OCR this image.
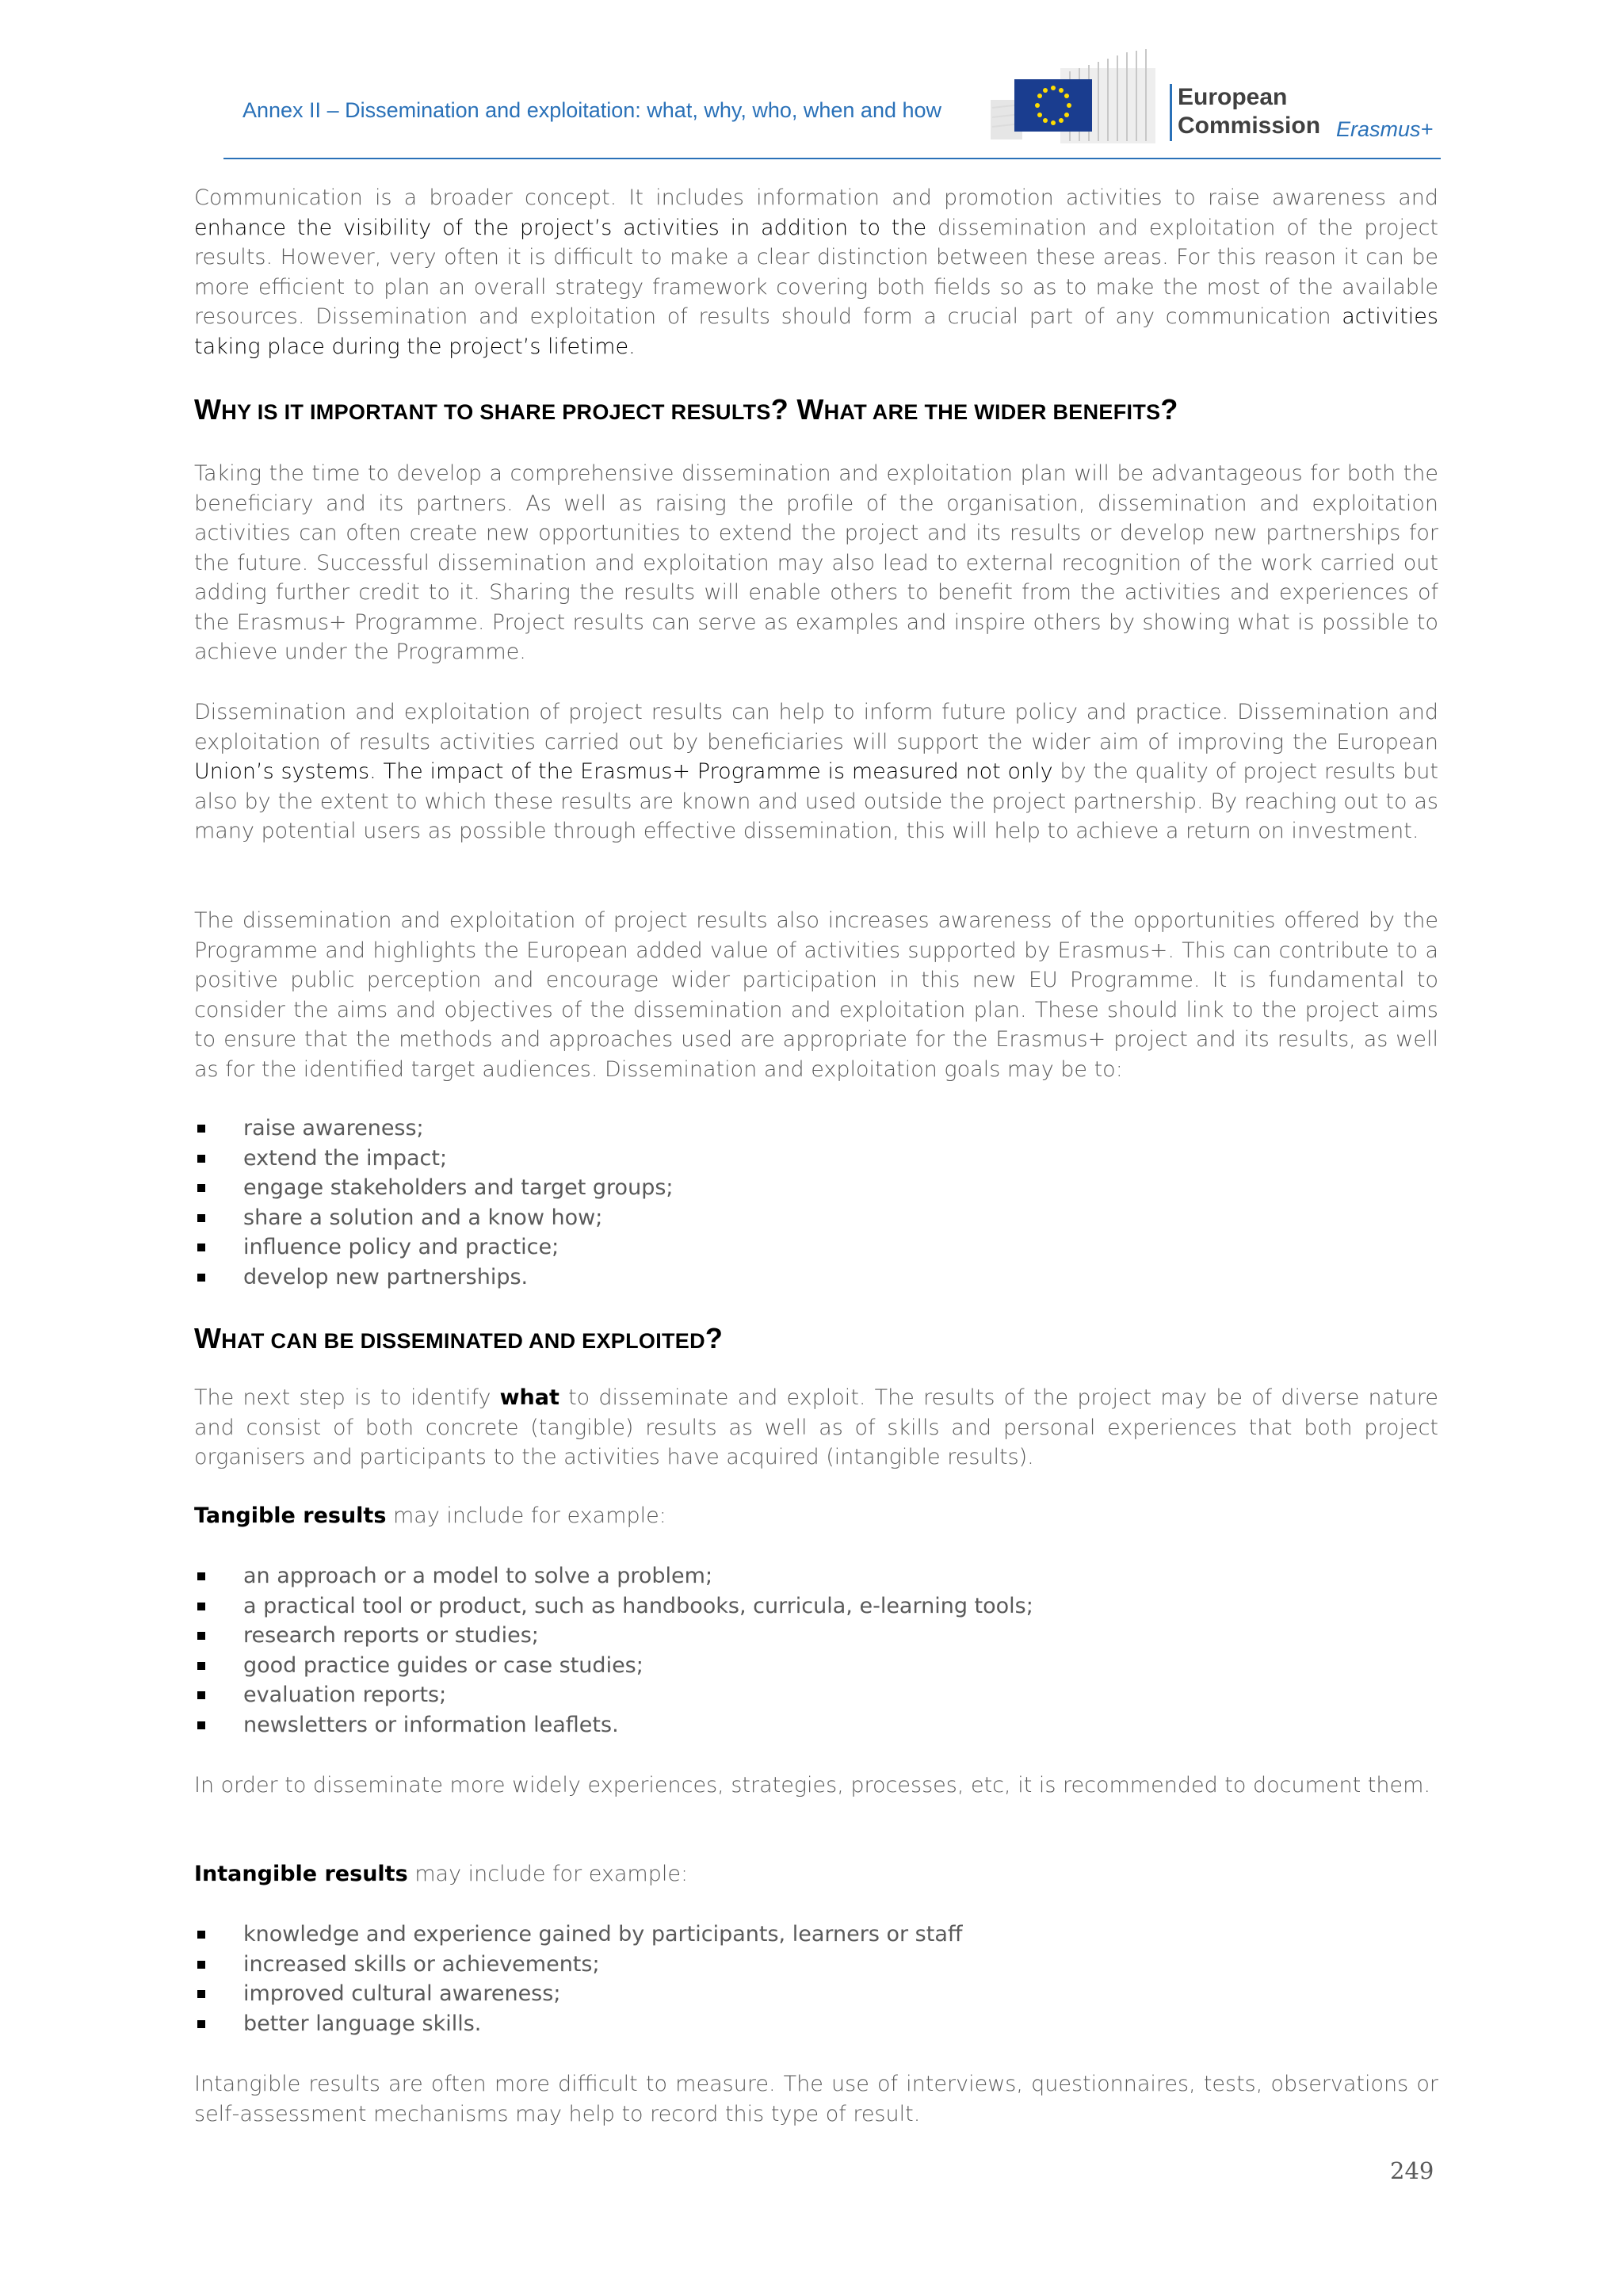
Annex II – Dissemination and exploitation: what, why, who, when and how	European
Commission Erasmus+
Communication is a broader concept. It includes information and promotion activities to raise awareness and enhance the visibility of the project’s activities in addition to the dissemination and exploitation of the project results. However, very often it is difficult to make a clear distinction between these areas. For this reason it can be more efficient to plan an overall strategy framework covering both fields so as to make the most of the available resources. Dissemination and exploitation of results should form a crucial part of any communication activities taking place during the project’s lifetime.
WHY IS IT IMPORTANT TO SHARE PROJECT RESULTS? WHAT ARE THE WIDER BENEFITS?
Taking the time to develop a comprehensive dissemination and exploitation plan will be advantageous for both the beneficiary and its partners. As well as raising the profile of the organisation, dissemination and exploitation activities can often create new opportunities to extend the project and its results or develop new partnerships for the future. Successful dissemination and exploitation may also lead to external recognition of the work carried out adding further credit to it. Sharing the results will enable others to benefit from the activities and experiences of the Erasmus+ Programme. Project results can serve as examples and inspire others by showing what is possible to achieve under the Programme.
Dissemination and exploitation of project results can help to inform future policy and practice. Dissemination and exploitation of results activities carried out by beneficiaries will support the wider aim of improving the European Union’s systems. The impact of the Erasmus+ Programme is measured not only by the quality of project results but also by the extent to which these results are known and used outside the project partnership. By reaching out to as many potential users as possible through effective dissemination, this will help to achieve a return on investment.
The dissemination and exploitation of project results also increases awareness of the opportunities offered by the Programme and highlights the European added value of activities supported by Erasmus+. This can contribute to a positive public perception and encourage wider participation in this new EU Programme. It is fundamental to consider the aims and objectives of the dissemination and exploitation plan. These should link to the project aims to ensure that the methods and approaches used are appropriate for the Erasmus+ project and its results, as well as for the identified target audiences. Dissemination and exploitation goals may be to:
raise awareness;
extend the impact;
engage stakeholders and target groups;
share a solution and a know how;
influence policy and practice;
develop new partnerships.
WHAT CAN BE DISSEMINATED AND EXPLOITED?
The next step is to identify what to disseminate and exploit. The results of the project may be of diverse nature and consist of both concrete (tangible) results as well as of skills and personal experiences that both project organisers and participants to the activities have acquired (intangible results).
Tangible results may include for example:
an approach or a model to solve a problem;
a practical tool or product, such as handbooks, curricula, e-learning tools;
research reports or studies;
good practice guides or case studies;
evaluation reports;
newsletters or information leaflets.
In order to disseminate more widely experiences, strategies, processes, etc, it is recommended to document them.
Intangible results may include for example:
knowledge and experience gained by participants, learners or staff
increased skills or achievements;
improved cultural awareness;
better language skills.
Intangible results are often more difficult to measure. The use of interviews, questionnaires, tests, observations or self-assessment mechanisms may help to record this type of result.
249
